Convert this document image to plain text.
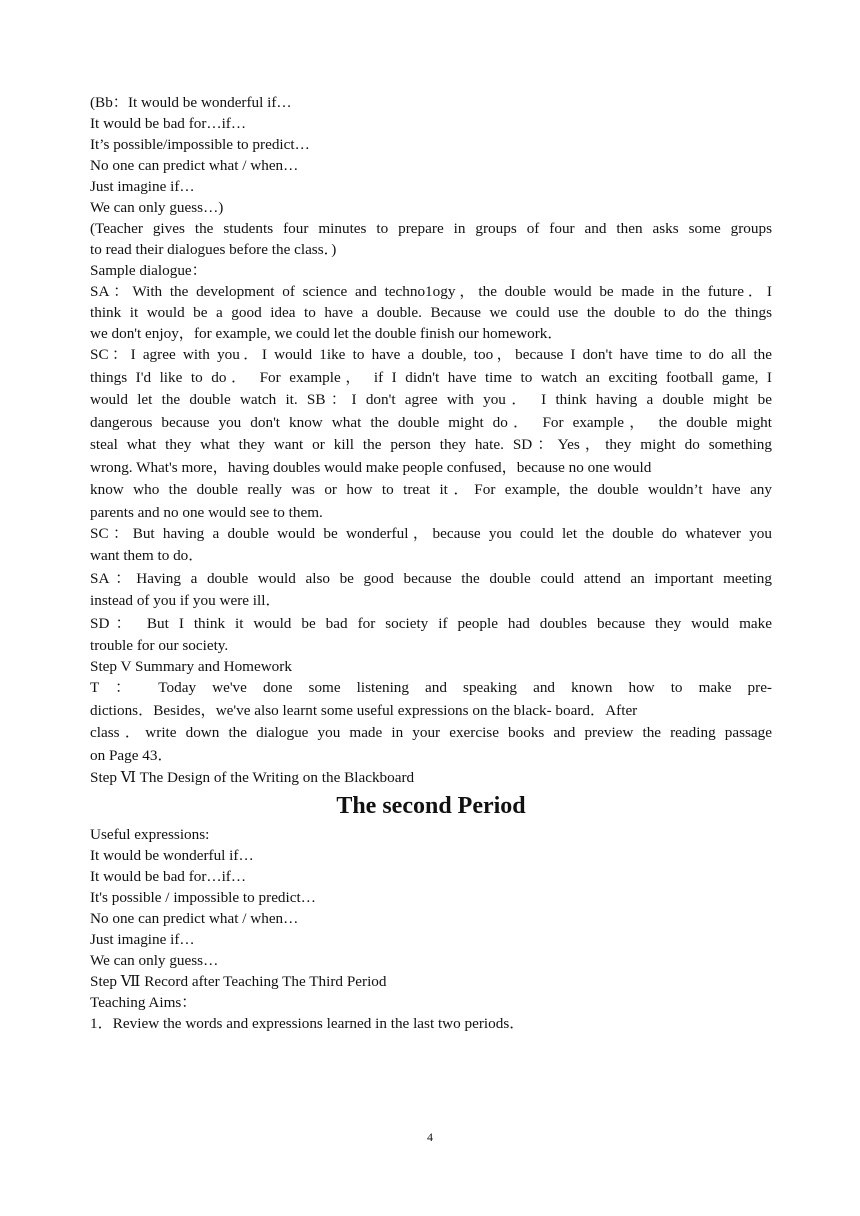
(Bb：It would be wonderful if…
It would be bad for…if…
It’s possible/impossible to predict…
No one can predict what / when…
Just imagine if…
We can only guess…)
(Teacher gives the students four minutes to prepare in groups of four and then asks some groups
to read their dialogues before the class．)
Sample dialogue：
SA：With the development of science and techno1ogy，the double would be made in the future．I
think it would be a good idea to have a double. Because we could use the double to do the things
we don't enjoy，for example, we could let the double finish our homework．
SC：I agree with you．I would 1ike to have a double, too，because I don't have time to do all the
things I'd like to do． For example， if I didn't have time to watch an exciting football game, I
would let the double watch it. SB：I don't agree with you． I think having a double might be
dangerous because you don't know what the double might do． For example， the double might
steal what they what they want or kill the person they hate. SD：Yes，they might do something
wrong. What's more，having doubles would make people confused，because no one would
know who the double really was or how to treat it．For example, the double wouldn’t have any
parents and no one would see to them.
SC：But having a double would be wonderful，because you could let the double do whatever you
want them to do．
SA：Having a double would also be good because the double could attend an important meeting
instead of you if you were ill．
SD： But I think it would be bad for society if people had doubles because they would make
trouble for our society.
Step V Summary and Homework
T ： Today we've done some listening and speaking and known how to make pre-
dictions．Besides，we've also learnt some useful expressions on the black- board．After
class．write down the dialogue you made in your exercise books and preview the reading passage
on Page 43．
Step Ⅵ The Design of the Writing on the Blackboard
The second Period
Useful expressions:
It would be wonderful if…
It would be bad for…if…
It's possible / impossible to predict…
No one can predict what / when…
Just imagine if…
We can only guess…
Step Ⅶ Record after Teaching The Third Period
Teaching Aims：
1．Review the words and expressions learned in the last two periods．
4
